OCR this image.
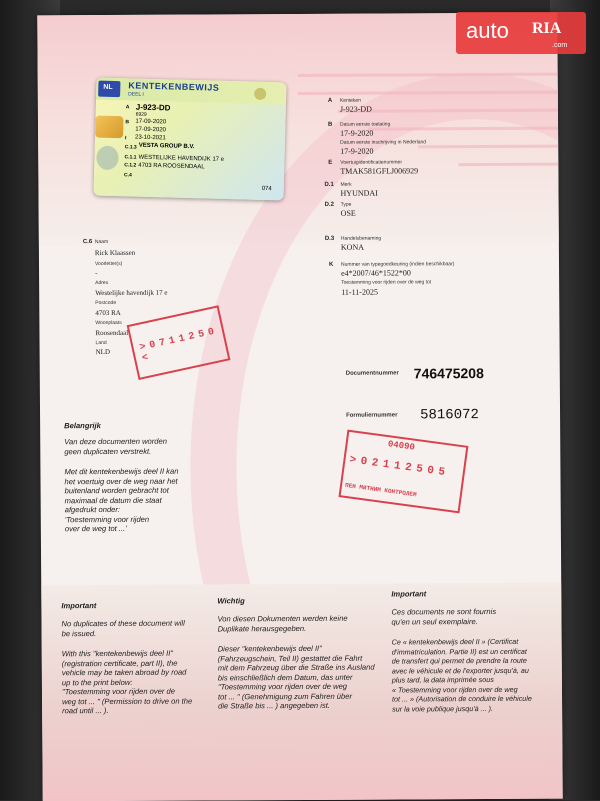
A Kenteken
J-923-DD
B Datum eerste toelating
17-9-2020
Datum eerste inschrijving in Nederland
17-9-2020
E Voertuigidentificatienummer
TMAK581GFLJ006929
D.1 Merk
HYUNDAI
D.2 Type
OSE
D.3 Handelsbenaming
KONA
K Nummer van typegoedkeuring (indien beschikbaar)
e4*2007/46*1522*00
Toestemming voor rijden over de weg tot
11-11-2025
C.6 Naam
Rick Klaassen
Voorletter(s)
-
Adres
Westelijke havendijk 17 e
Postcode
4703 RA
Woonplaats
Roosendaal
Land
NLD	> 0 7 1 1 2 5 0 <
Documentnummer 746475208
Formuliernummer 5816072
04090
> 0 2 1 1 2 5 0 5
ПЕН МИТНИМ КОНТРОЛЕМ
Belangrijk
Van deze documenten worden
geen duplicaten verstrekt.
Met dit kentekenbewijs deel II kan
het voertuig over de weg naar het
buitenland worden gebracht tot
maximaal de datum die staat
afgedrukt onder:
'Toestemming voor rijden
over de weg tot ...'
Important
No duplicates of these document will
be issued.
With this "kentekenbewijs deel II"
(registration certificate, part II), the
vehicle may be taken abroad by road
up to the print below:
"Toestemming voor rijden over de
weg tot ... " (Permission to drive on the
road until ... ).
Wichtig
Von diesen Dokumenten werden keine
Duplikate herausgegeben.
Dieser "kentekenbewijs deel II"
(Fahrzeugschein, Teil II) gestattet die Fahrt
mit dem Fahrzeug über die Straße ins Ausland
bis einschließlich dem Datum, das unter
"Toestemming voor rijden over de weg
tot ... " (Genehmigung zum Fahren über
die Straße bis ... ) angegeben ist.
Important
Ces documents ne sont fournis
qu'en un seul exemplaire.
Ce « kentekenbewijs deel II » (Certificat
d'immatriculation. Partie II) est un certificat
de transfert qui permet de prendre la route
avec le véhicule et de l'exporter jusqu'à, au
plus tard, la data imprimée sous
« Toestemming voor rijden over de weg
tot ... » (Autorisation de conduire le véhicule
sur la voie publique jusqu'à ... ).
NL KENTEKENBEWIJS
DEEL I
A J-923-DD
6929
B 17-09-2020
17-09-2020
I 23-10-2021
C.1.3 VESTA GROUP B.V.
C.1.1 WESTELIJKE HAVENDIJK 17 e
C.1.2 4703 RA ROOSENDAAL
C.4
074
auto RIA
.com
